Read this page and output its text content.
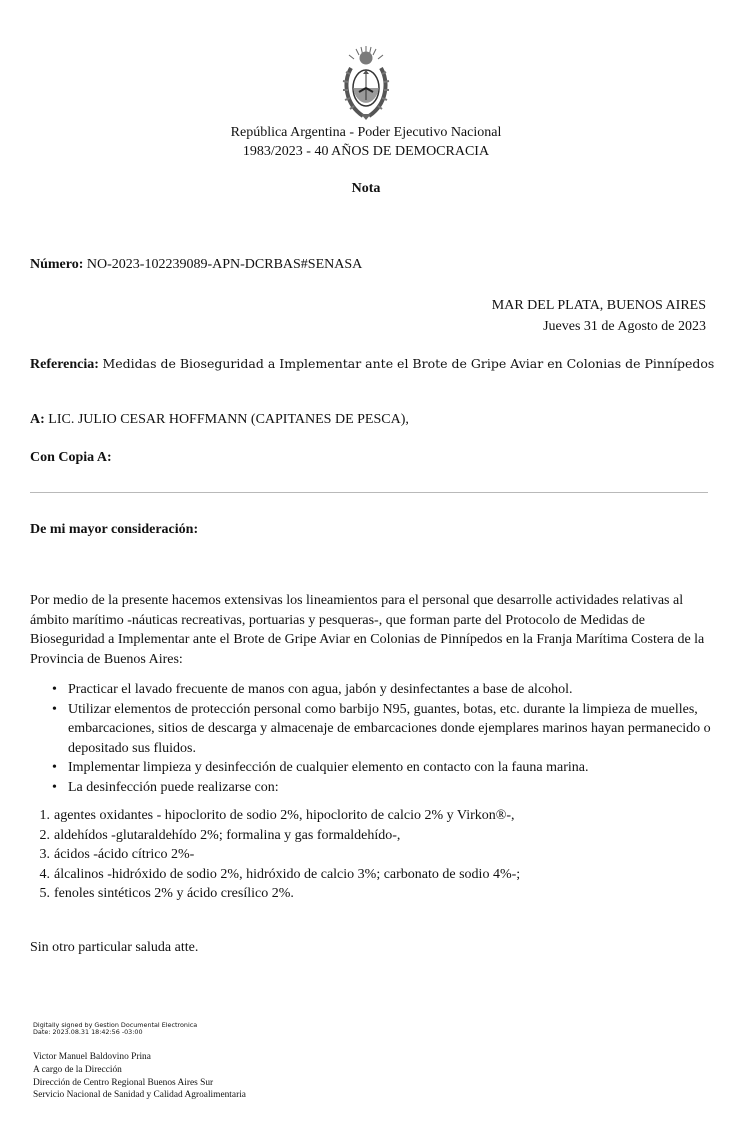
República Argentina - Poder Ejecutivo Nacional
1983/2023 - 40 AÑOS DE DEMOCRACIA
Nota
Número: NO-2023-102239089-APN-DCRBAS#SENASA
MAR DEL PLATA, BUENOS AIRES
Jueves 31 de Agosto de 2023
Referencia: Medidas de Bioseguridad a Implementar ante el Brote de Gripe Aviar en Colonias de Pinnípedos
A: LIC. JULIO CESAR HOFFMANN (CAPITANES DE PESCA),
Con Copia A:
De mi mayor consideración:

Por medio de la presente hacemos extensivas los lineamientos para el personal que desarrolle actividades relativas al ámbito marítimo -náuticas recreativas, portuarias y pesqueras-, que forman parte del Protocolo de Medidas de Bioseguridad a Implementar ante el Brote de Gripe Aviar en Colonias de Pinnípedos en la Franja Marítima Costera de la Provincia de Buenos Aires:

• Practicar el lavado frecuente de manos con agua, jabón y desinfectantes a base de alcohol.
• Utilizar elementos de protección personal como barbijo N95, guantes, botas, etc. durante la limpieza de muelles, embarcaciones, sitios de descarga y almacenaje de embarcaciones donde ejemplares marinos hayan permanecido o depositado sus fluidos.
• Implementar limpieza y desinfección de cualquier elemento en contacto con la fauna marina.
• La desinfección puede realizarse con:
1. agentes oxidantes - hipoclorito de sodio 2%, hipoclorito de calcio 2% y Virkon®-,
2. aldehídos -glutaraldehído 2%; formalina y gas formaldehído-,
3. ácidos -ácido cítrico 2%-
4. álcalinos -hidróxido de sodio 2%, hidróxido de calcio 3%; carbonato de sodio 4%-;
5. fenoles sintéticos 2% y ácido cresílico 2%.
Sin otro particular saluda atte.
Digitally signed by Gestion Documental Electronica
Date: 2023.08.31 18:42:56 -03:00
Victor Manuel Baldovino Prina
A cargo de la Dirección
Dirección de Centro Regional Buenos Aires Sur
Servicio Nacional de Sanidad y Calidad Agroalimentaria
